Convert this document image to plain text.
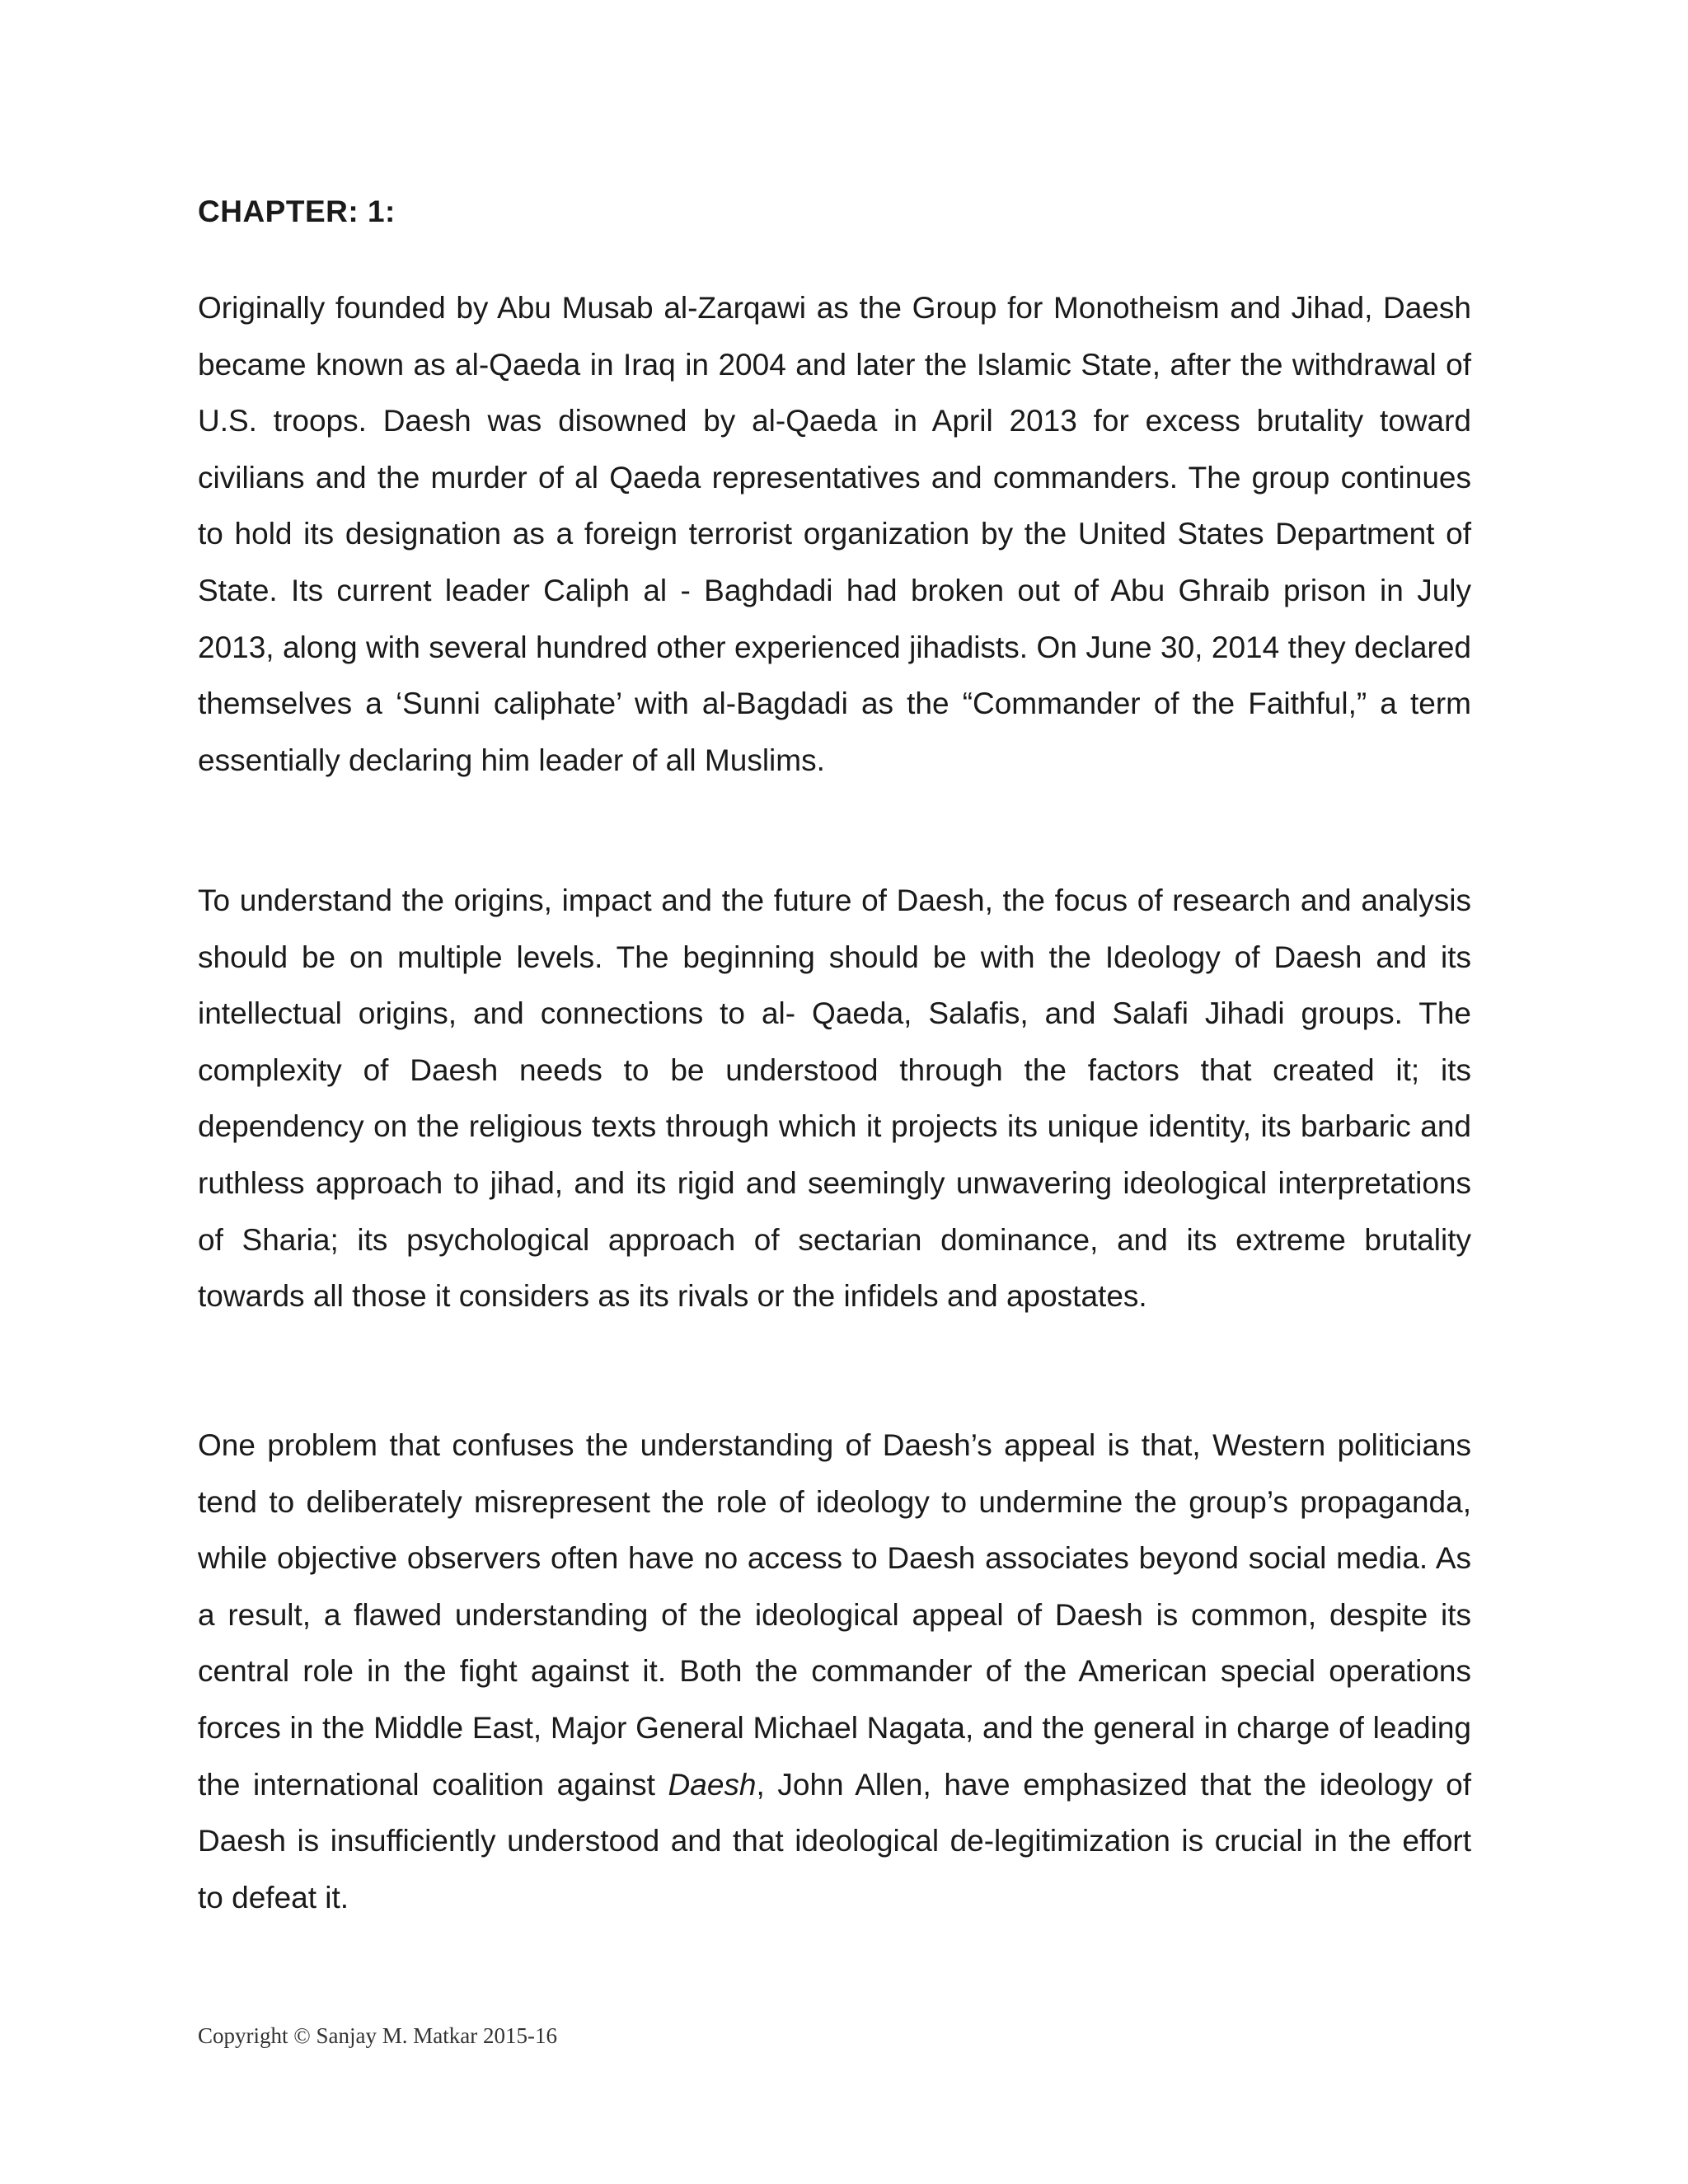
CHAPTER: 1:

Originally founded by Abu Musab al-Zarqawi as the Group for Monotheism and Jihad, Daesh became known as al-Qaeda in Iraq in 2004 and later the Islamic State, after the withdrawal of U.S. troops. Daesh was disowned by al-Qaeda in April 2013 for excess brutality toward civilians and the murder of al Qaeda representatives and commanders. The group continues to hold its designation as a foreign terrorist organization by the United States Department of State. Its current leader Caliph al - Baghdadi had broken out of Abu Ghraib prison in July 2013, along with several hundred other experienced jihadists. On June 30, 2014 they declared themselves a ‘Sunni caliphate’ with al-Bagdadi as the “Commander of the Faithful,” a term essentially declaring him leader of all Muslims.

To understand the origins, impact and the future of Daesh, the focus of research and analysis should be on multiple levels. The beginning should be with the Ideology of Daesh and its intellectual origins, and connections to al- Qaeda, Salafis, and Salafi Jihadi groups. The complexity of Daesh needs to be understood through the factors that created it; its dependency on the religious texts through which it projects its unique identity, its barbaric and ruthless approach to jihad, and its rigid and seemingly unwavering ideological interpretations of Sharia; its psychological approach of sectarian dominance, and its extreme brutality towards all those it considers as its rivals or the infidels and apostates.

One problem that confuses the understanding of Daesh’s appeal is that, Western politicians tend to deliberately misrepresent the role of ideology to undermine the group’s propaganda, while objective observers often have no access to Daesh associates beyond social media. As a result, a flawed understanding of the ideological appeal of Daesh is common, despite its central role in the fight against it. Both the commander of the American special operations forces in the Middle East, Major General Michael Nagata, and the general in charge of leading the international coalition against Daesh, John Allen, have emphasized that the ideology of Daesh is insufficiently understood and that ideological de-legitimization is crucial in the effort to defeat it.

Copyright © Sanjay M. Matkar 2015-16
